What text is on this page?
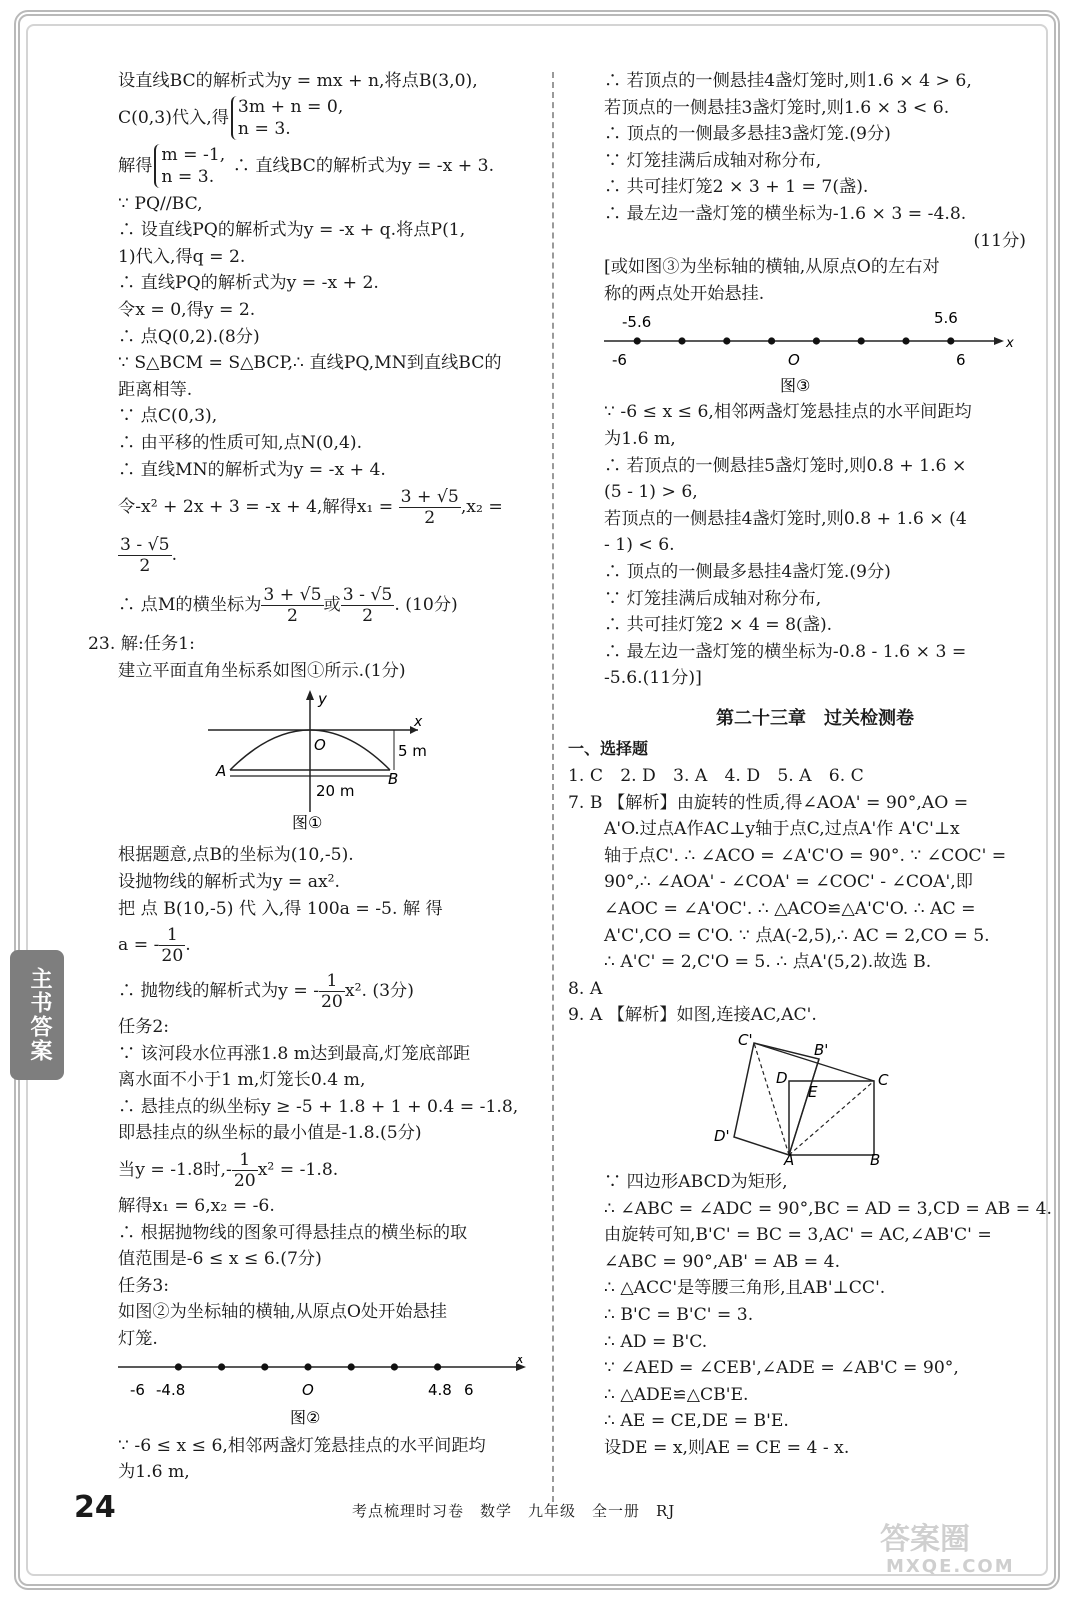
设直线BC的解析式为y = mx + n,将点B(3,0),
C(0,3)代入,得
3m + n = 0,
n = 3.
解得
m = -1,
n = 3.
∴ 直线BC的解析式为y = -x + 3.
∵ PQ//BC,
∴ 设直线PQ的解析式为y = -x + q.将点P(1,
1)代入,得q = 2.
∴ 直线PQ的解析式为y = -x + 2.
令x = 0,得y = 2.
∴ 点Q(0,2).(8分)
∵ S△BCM = S△BCP,∴ 直线PQ,MN到直线BC的
距离相等.
∵ 点C(0,3),
∴ 由平移的性质可知,点N(0,4).
∴ 直线MN的解析式为y = -x + 4.
令-x² + 2x + 3 = -x + 4,解得$x_1 = \frac{3 + √5}{2} ,x_2$ =
$\frac{3 - √5}{2}$ .
∴ 点M的横坐标为 $\frac{3 + √5}{2}$ 或 $\frac{3 - √5}{2}$ . (10分)
23. 解:任务1:
建立平面直角坐标系如图①所示.(1分)
y
x
O
A	B
5 m
20 m
图①
根据题意,点B的坐标为(10,-5).
设抛物线的解析式为y = ax².
把 点 B(10,-5) 代 入,得 100a = -5. 解 得
a = - $\frac{1}{20}$ .
∴ 抛物线的解析式为y = - $\frac{1}{20} x^2$. (3分)
任务2:
∵ 该河段水位再涨1.8 m达到最高,灯笼底部距
离水面不小于1 m,灯笼长0.4 m,
∴ 悬挂点的纵坐标y ≥ -5 + 1.8 + 1 + 0.4 = -1.8,
即悬挂点的纵坐标的最小值是-1.8.(5分)
当y = -1.8时,- $\frac{1}{20} x^2 = -1.8$.
解得x₁ = 6,x₂ = -6.
∴ 根据抛物线的图象可得悬挂点的横坐标的取
值范围是-6 ≤ x ≤ 6.(7分)
任务3:
如图②为坐标轴的横轴,从原点O处开始悬挂
灯笼.
x
-6 -4.8	O	4.8 6
图②
∵ -6 ≤ x ≤ 6,相邻两盏灯笼悬挂点的水平间距均
为1.6 m,
∴ 若顶点的一侧悬挂4盏灯笼时,则1.6 × 4 > 6,
若顶点的一侧悬挂3盏灯笼时,则1.6 × 3 < 6.
∴ 顶点的一侧最多悬挂3盏灯笼.(9分)
∵ 灯笼挂满后成轴对称分布,
∴ 共可挂灯笼2 × 3 + 1 = 7(盏).
∴ 最左边一盏灯笼的横坐标为-1.6 × 3 = -4.8.
(11分)
[或如图③为坐标轴的横轴,从原点O的左右对
称的两点处开始悬挂.
x
-5.6	5.6
-6	O	6
图③
∵ -6 ≤ x ≤ 6,相邻两盏灯笼悬挂点的水平间距均
为1.6 m,
∴ 若顶点的一侧悬挂5盏灯笼时,则0.8 + 1.6 ×
(5 - 1) > 6,
若顶点的一侧悬挂4盏灯笼时,则0.8 + 1.6 × (4
- 1) < 6.
∴ 顶点的一侧最多悬挂4盏灯笼.(9分)
∵ 灯笼挂满后成轴对称分布,
∴ 共可挂灯笼2 × 4 = 8(盏).
∴ 最左边一盏灯笼的横坐标为-0.8 - 1.6 × 3 =
-5.6.(11分)]
第二十三章　过关检测卷
一、选择题
1. C　2. D　3. A　4. D　5. A　6. C
7. B 【解析】由旋转的性质,得∠AOA' = 90°,AO =
A'O.过点A作AC⊥y轴于点C,过点A'作 A'C'⊥x
轴于点C'. ∴ ∠ACO = ∠A'C'O = 90°. ∵ ∠COC' =
90°,∴ ∠AOA' - ∠COA' = ∠COC' - ∠COA',即
∠AOC = ∠A'OC'. ∴ △ACO≌△A'C'O. ∴ AC =
A'C',CO = C'O. ∵ 点A(-2,5),∴ AC = 2,CO = 5.
∴ A'C' = 2,C'O = 5. ∴ 点A'(5,2).故选 B.
8. A
9. A 【解析】如图,连接AC,AC'.
C'
B'
D
E
C
D'
A	B
∵ 四边形ABCD为矩形,
∴ ∠ABC = ∠ADC = 90°,BC = AD = 3,CD = AB = 4.
由旋转可知,B'C' = BC = 3,AC' = AC,∠AB'C' =
∠ABC = 90°,AB' = AB = 4.
∴ △ACC'是等腰三角形,且AB'⊥CC'.
∴ B'C = B'C' = 3.
∴ AD = B'C.
∵ ∠AED = ∠CEB',∠ADE = ∠AB'C = 90°,
∴ △ADE≌△CB'E.
∴ AE = CE,DE = B'E.
设DE = x,则AE = CE = 4 - x.
主书答案
24	考点梳理时习卷　数学　九年级　全一册　RJ
答案圈
MXQE.COM
